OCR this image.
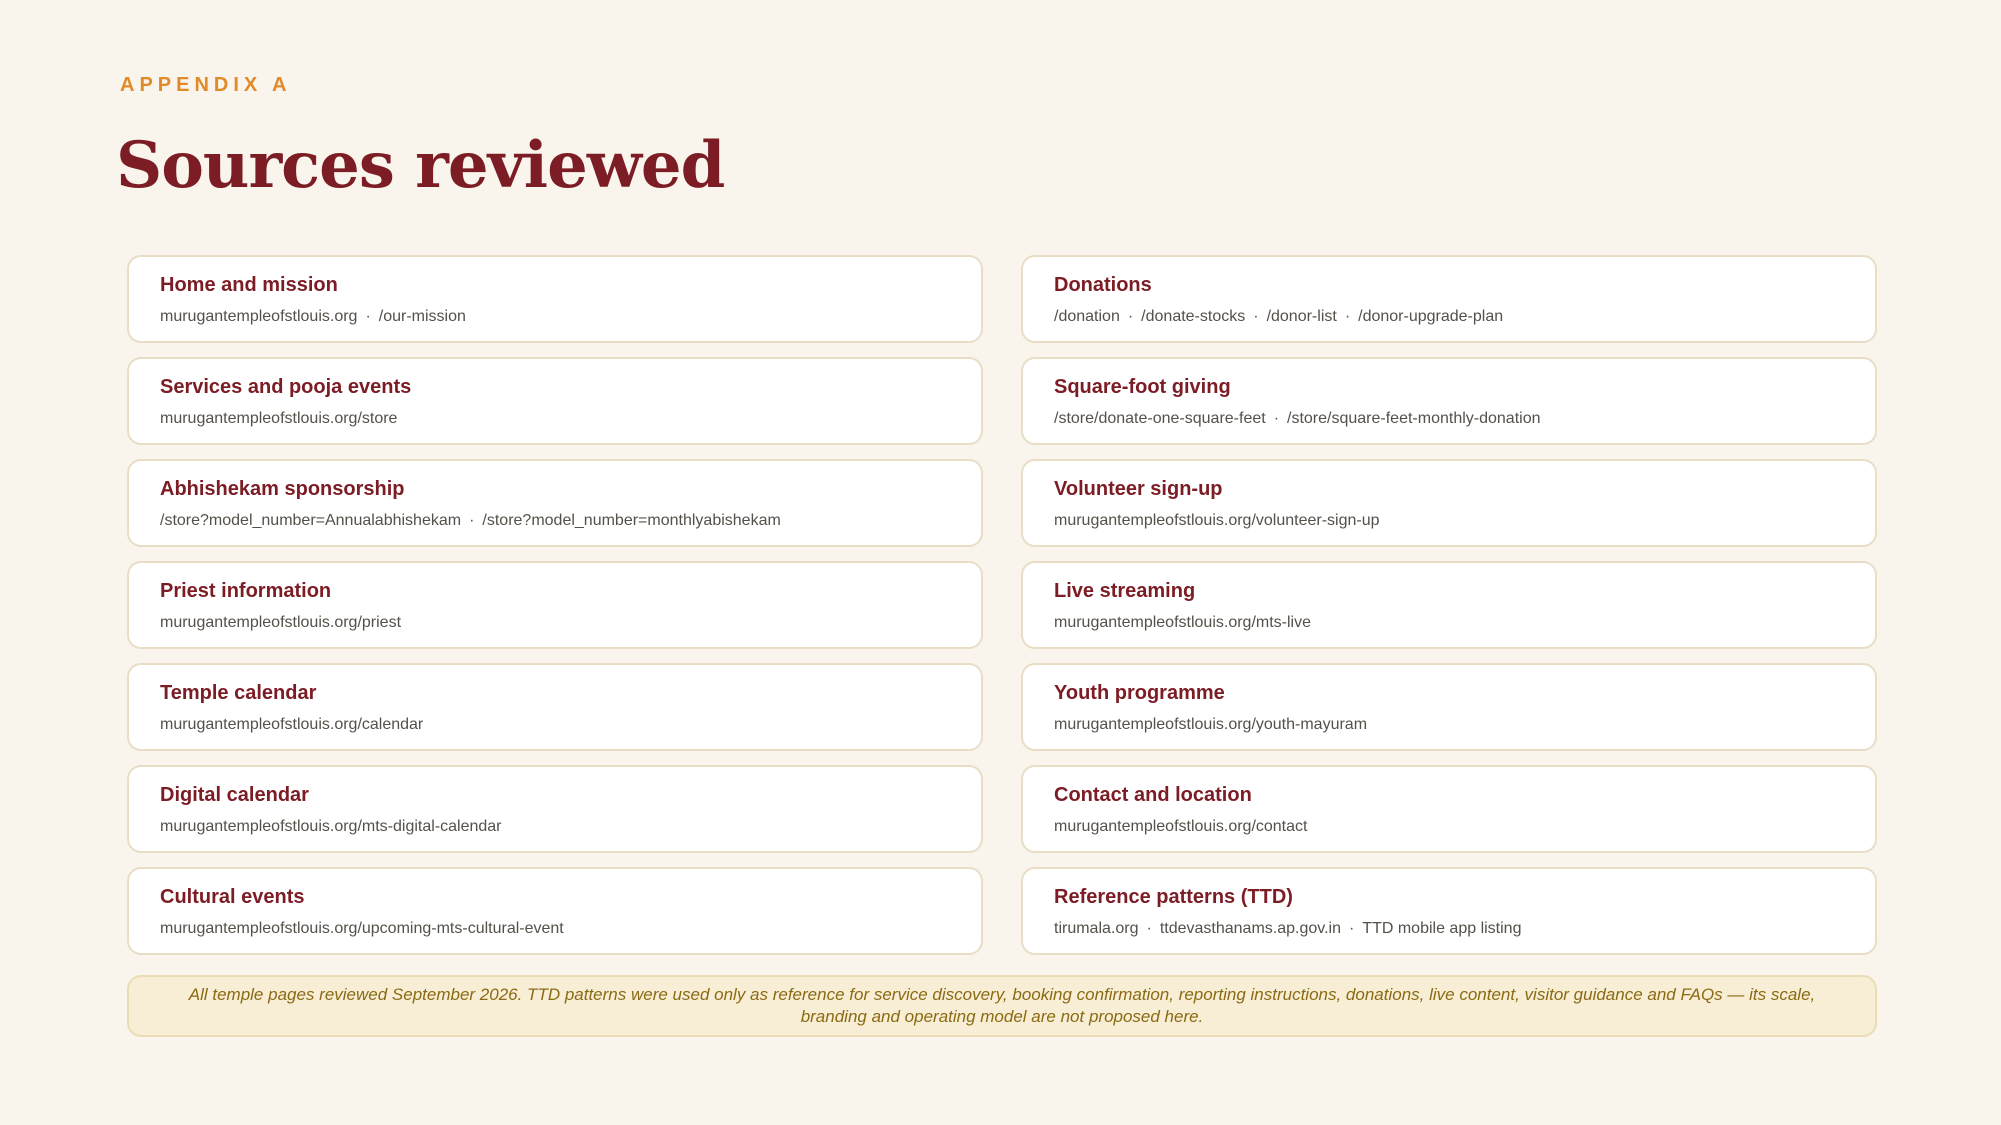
APPENDIX A
Sources reviewed
Home and mission
murugantempleofstlouis.org · /our-mission
Donations
/donation · /donate-stocks · /donor-list · /donor-upgrade-plan
Services and pooja events
murugantempleofstlouis.org/store
Square-foot giving
/store/donate-one-square-feet · /store/square-feet-monthly-donation
Abhishekam sponsorship
/store?model_number=Annualabhishekam · /store?model_number=monthlyabishekam
Volunteer sign-up
murugantempleofstlouis.org/volunteer-sign-up
Priest information
murugantempleofstlouis.org/priest
Live streaming
murugantempleofstlouis.org/mts-live
Temple calendar
murugantempleofstlouis.org/calendar
Youth programme
murugantempleofstlouis.org/youth-mayuram
Digital calendar
murugantempleofstlouis.org/mts-digital-calendar
Contact and location
murugantempleofstlouis.org/contact
Cultural events
murugantempleofstlouis.org/upcoming-mts-cultural-event
Reference patterns (TTD)
tirumala.org · ttdevasthanams.ap.gov.in · TTD mobile app listing
All temple pages reviewed September 2026. TTD patterns were used only as reference for service discovery, booking confirmation, reporting instructions, donations, live content, visitor guidance and FAQs — its scale, branding and operating model are not proposed here.
